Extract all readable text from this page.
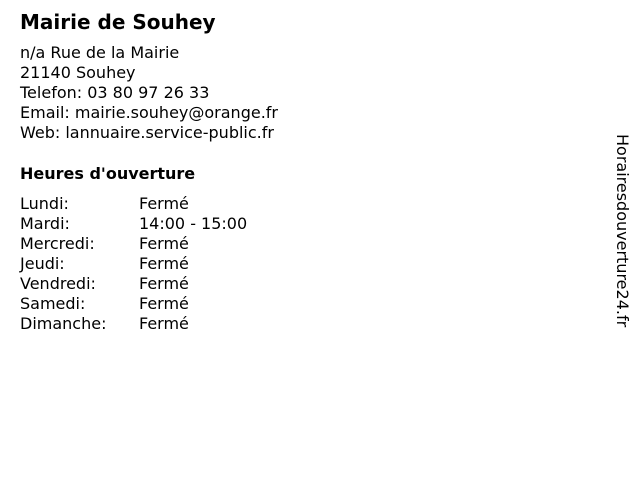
Mairie de Souhey
n/a Rue de la Mairie
21140 Souhey
Telefon: 03 80 97 26 33
Email: mairie.souhey@orange.fr
Web: lannuaire.service-public.fr
Heures d'ouverture
Lundi:	Fermé
Mardi:	14:00 - 15:00
Mercredi:	Fermé
Jeudi:	Fermé
Vendredi:	Fermé
Samedi:	Fermé
Dimanche:	Fermé	Horairesdouverture24.fr
